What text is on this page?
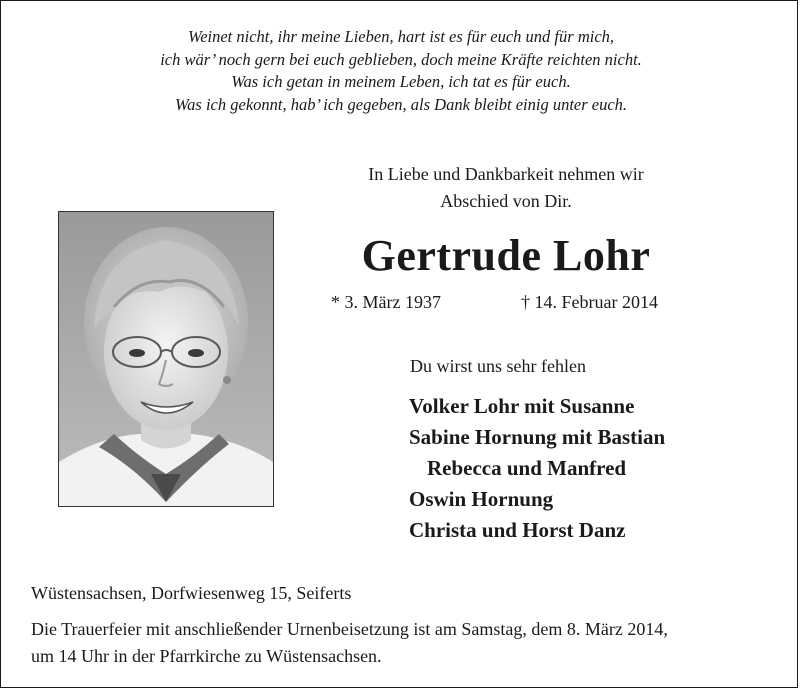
Weinet nicht, ihr meine Lieben, hart ist es für euch und für mich,
ich wär’ noch gern bei euch geblieben, doch meine Kräfte reichten nicht.
Was ich getan in meinem Leben, ich tat es für euch.
Was ich gekonnt, hab’ ich gegeben, als Dank bleibt einig unter euch.
In Liebe und Dankbarkeit nehmen wir
Abschied von Dir.
Gertrude Lohr
* 3. März 1937	† 14. Februar 2014
Du wirst uns sehr fehlen
Volker Lohr mit Susanne
Sabine Hornung mit Bastian
Rebecca und Manfred
Oswin Hornung
Christa und Horst Danz
Wüstensachsen, Dorfwiesenweg 15, Seiferts
Die Trauerfeier mit anschließender Urnenbeisetzung ist am Samstag, dem 8. März 2014,
um 14 Uhr in der Pfarrkirche zu Wüstensachsen.
